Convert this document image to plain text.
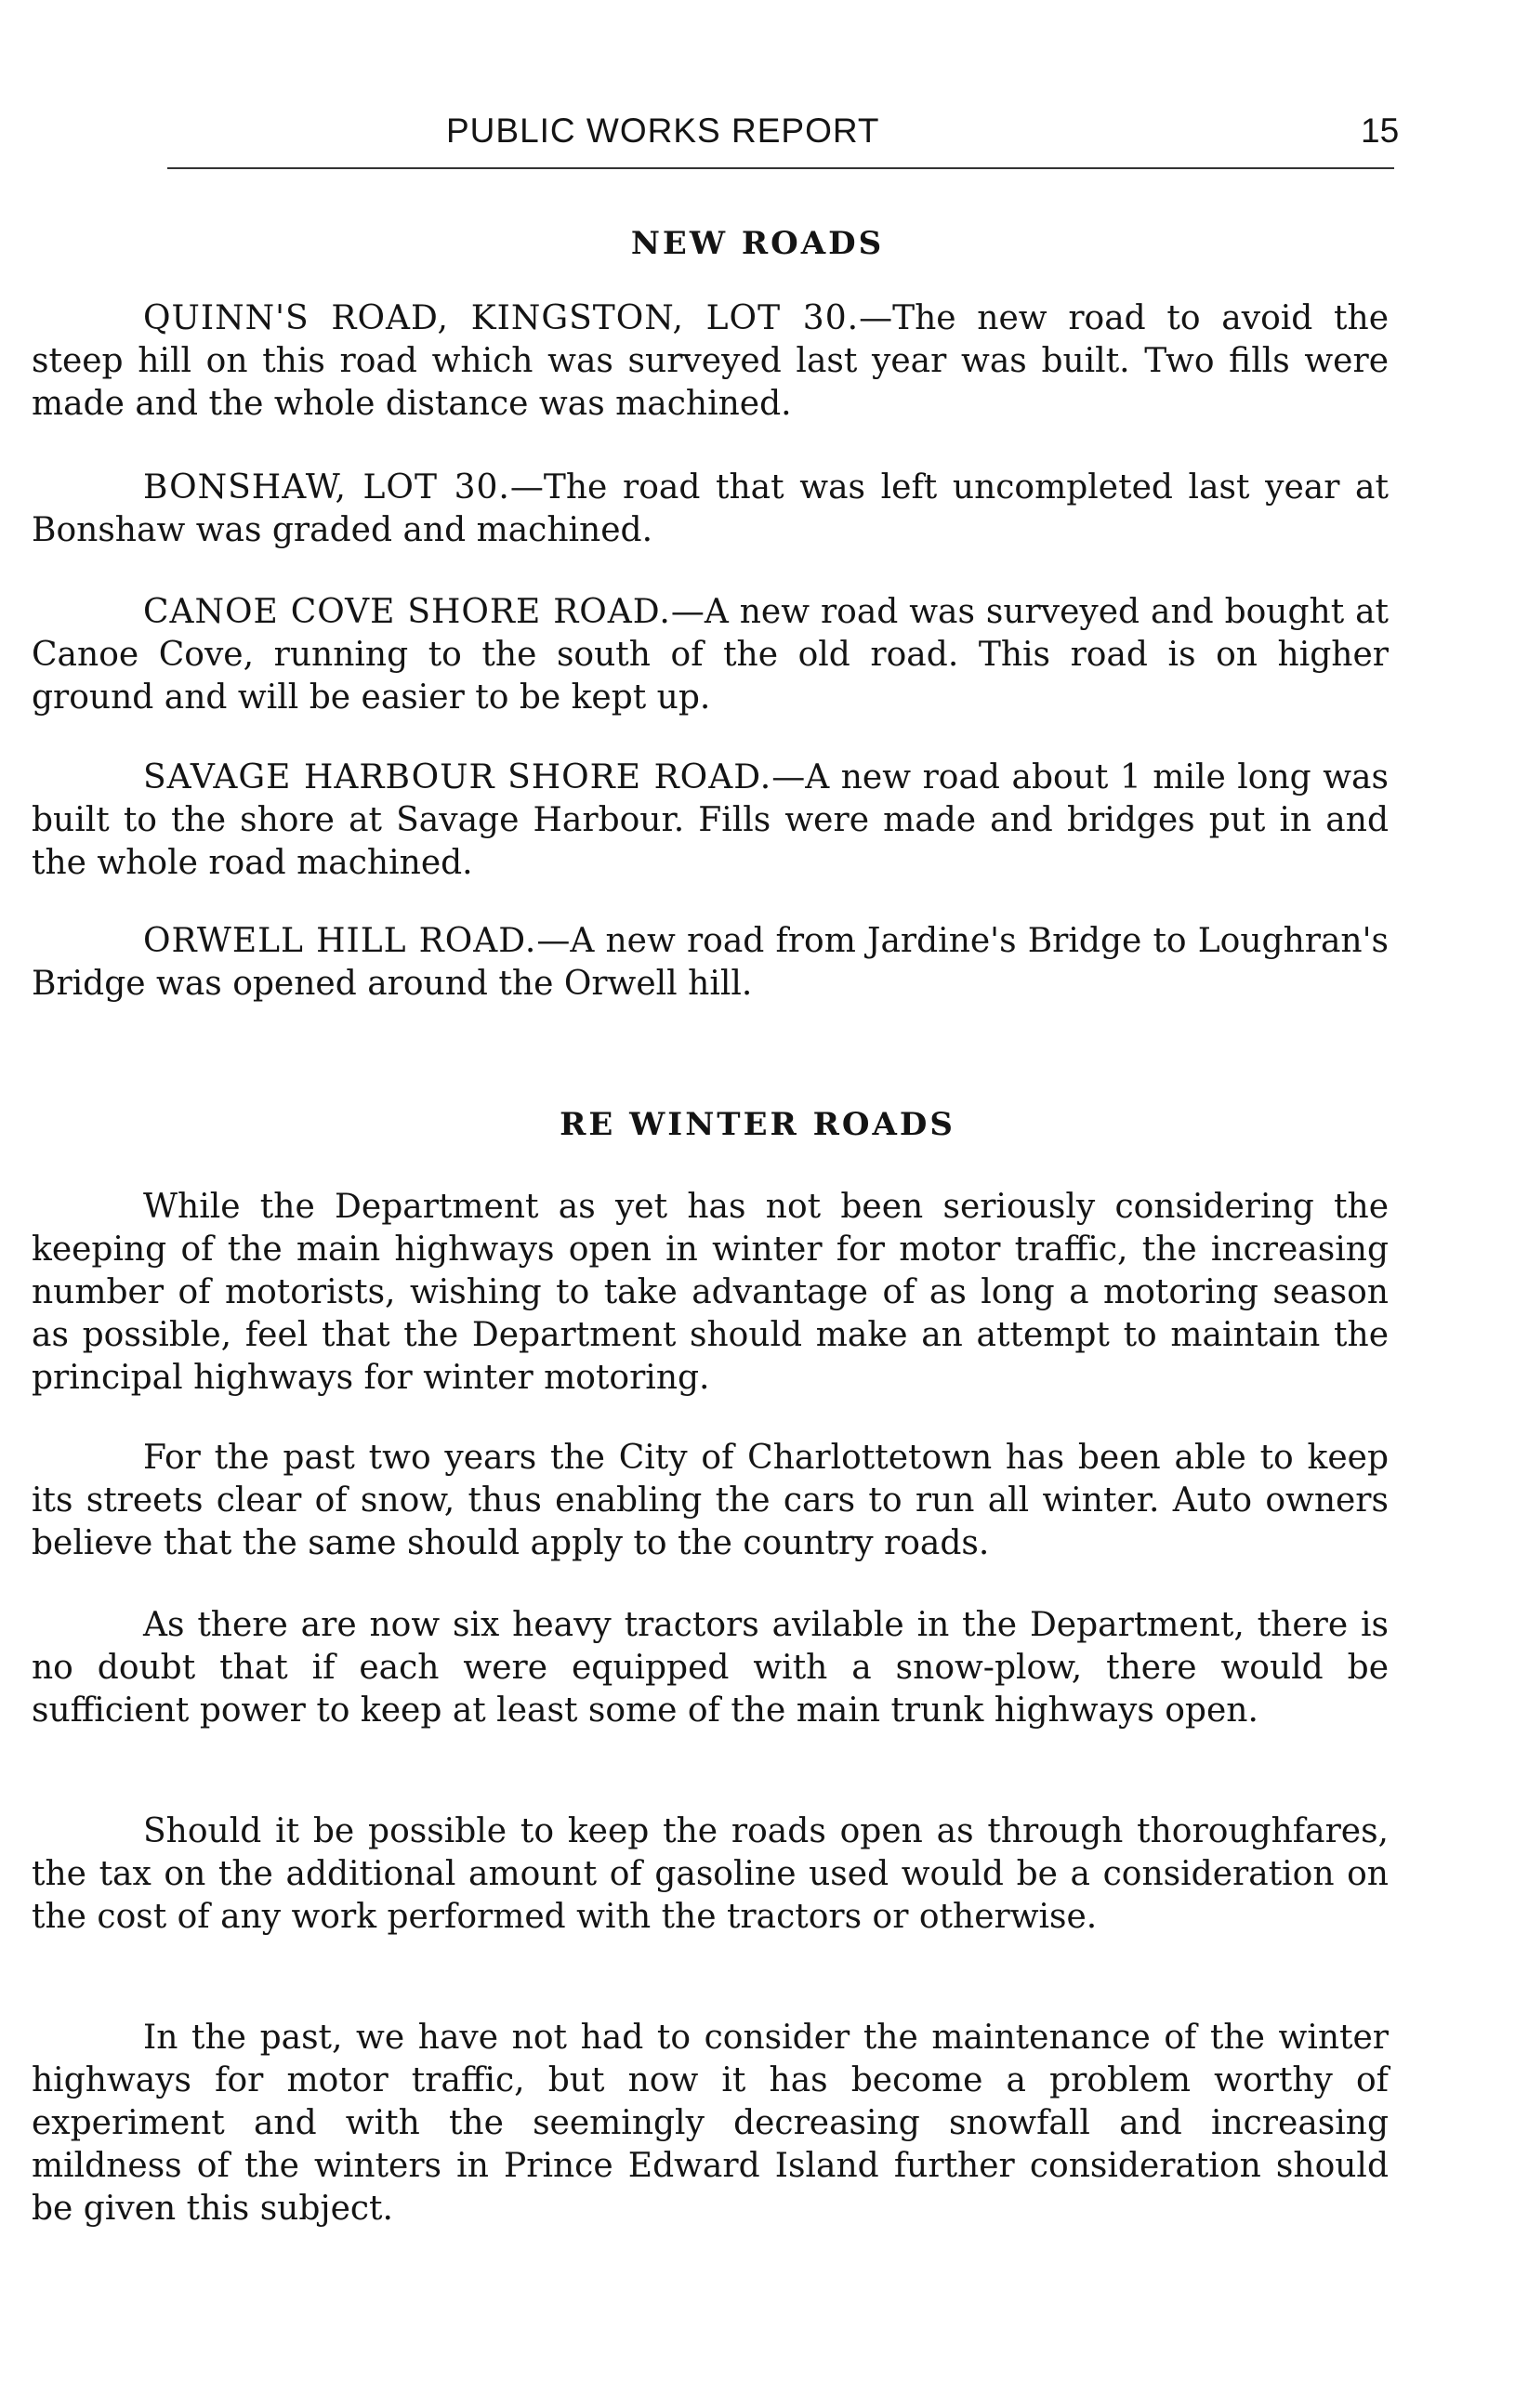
PUBLIC WORKS REPORT	15
NEW ROADS

QUINN'S ROAD, KINGSTON, LOT 30.—The new road to avoid the steep hill on this road which was surveyed last year was built. Two fills were made and the whole distance was machined.

BONSHAW, LOT 30.—The road that was left uncompleted last year at Bonshaw was graded and machined.

CANOE COVE SHORE ROAD.—A new road was surveyed and bought at Canoe Cove, running to the south of the old road. This road is on higher ground and will be easier to be kept up.

SAVAGE HARBOUR SHORE ROAD.—A new road about 1 mile long was built to the shore at Savage Harbour. Fills were made and bridges put in and the whole road machined.

ORWELL HILL ROAD.—A new road from Jardine's Bridge to Loughran's Bridge was opened around the Orwell hill.

RE WINTER ROADS

While the Department as yet has not been seriously considering the keeping of the main highways open in winter for motor traffic, the increasing number of motorists, wishing to take advantage of as long a motoring season as possible, feel that the Department should make an attempt to maintain the principal highways for winter motoring.

For the past two years the City of Charlottetown has been able to keep its streets clear of snow, thus enabling the cars to run all winter. Auto owners believe that the same should apply to the country roads.

As there are now six heavy tractors avilable in the Department, there is no doubt that if each were equipped with a snow-plow, there would be sufficient power to keep at least some of the main trunk highways open.

Should it be possible to keep the roads open as through thoroughfares, the tax on the additional amount of gasoline used would be a consideration on the cost of any work performed with the tractors or otherwise.

In the past, we have not had to consider the maintenance of the winter highways for motor traffic, but now it has become a problem worthy of experiment and with the seemingly decreasing snowfall and increasing mildness of the winters in Prince Edward Island further consideration should be given this subject.
